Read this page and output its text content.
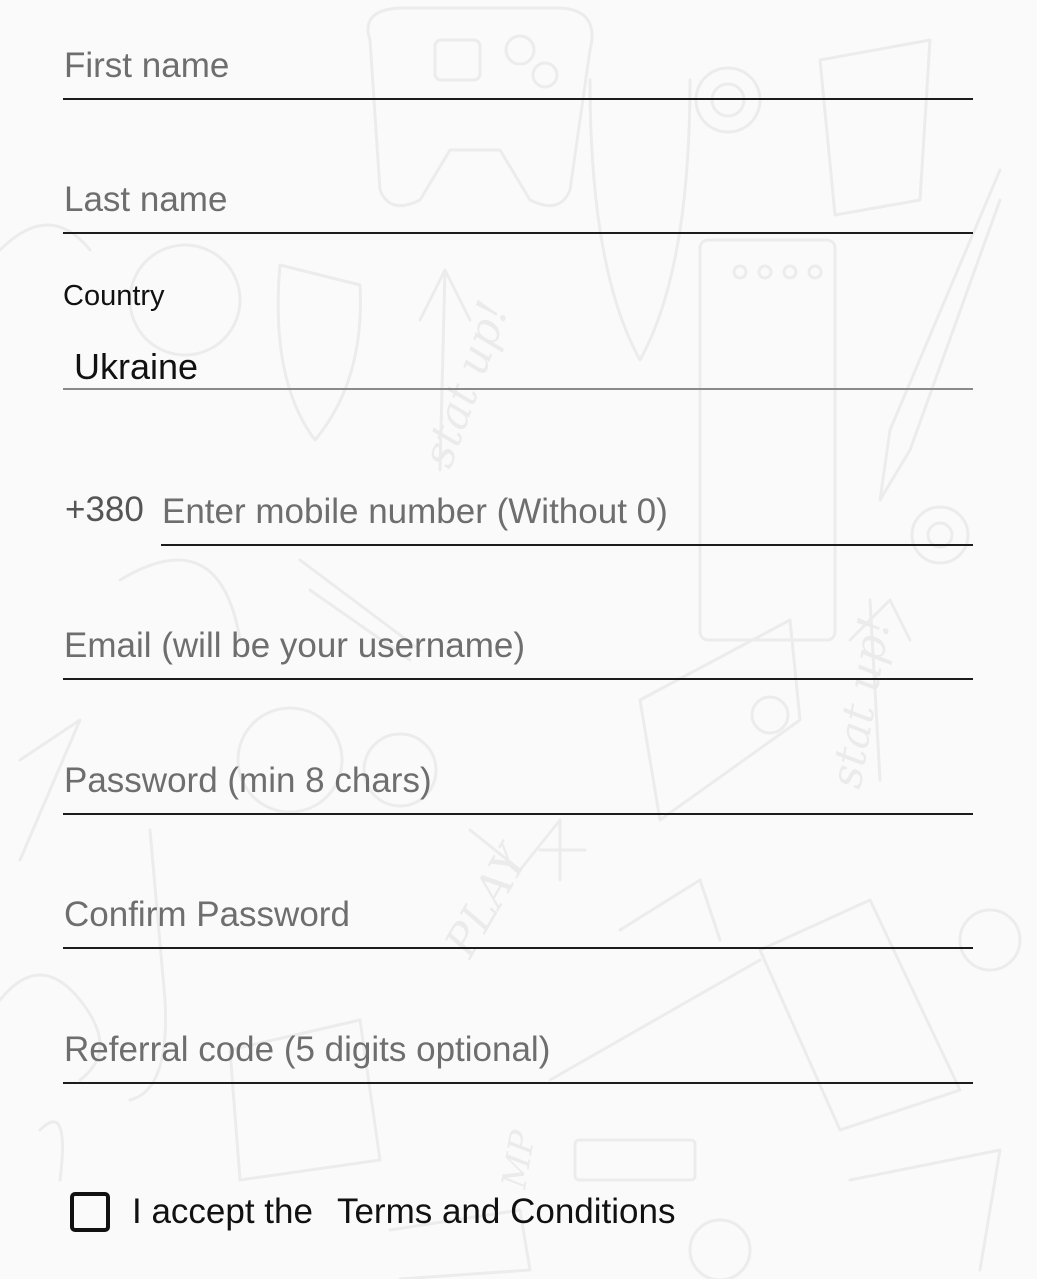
stat up!
stat up!
PLAY
MP
First name
Last name
Country
Ukraine
+380
Enter mobile number (Without 0)
Email (will be your username)
Referral code (5 digits optional)
I accept the Terms and Conditions
